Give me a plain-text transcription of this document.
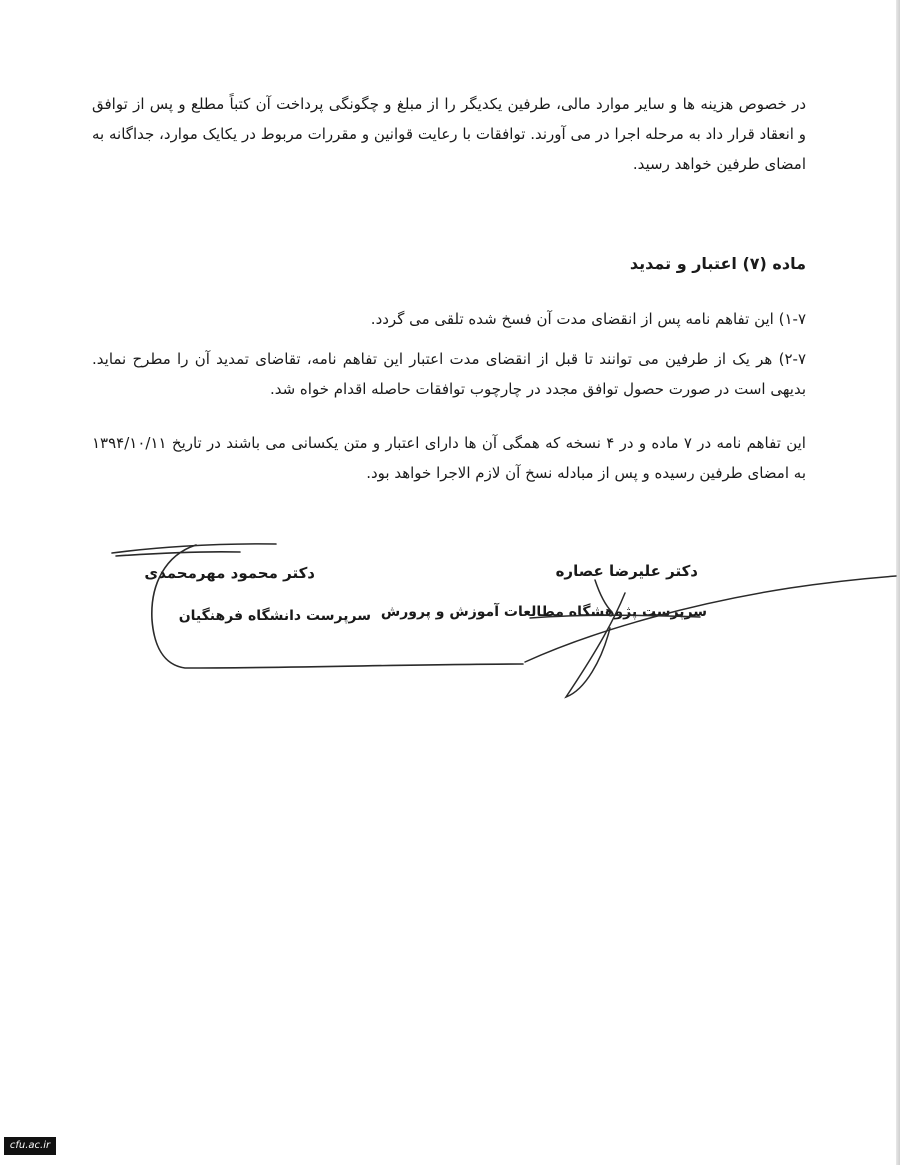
در خصوص هزینه ها و سایر موارد مالی، طرفین یکدیگر را از مبلغ و چگونگی پرداخت آن کتباً مطلع و پس از توافق و انعقاد قرار داد به مرحله اجرا در می آورند. توافقات با رعایت قوانین و مقررات مربوط در یکایک موارد، جداگانه به امضای طرفین خواهد رسید.

ماده (۷) اعتبار و تمدید

۱-۷) این تفاهم نامه پس از انقضای مدت آن فسخ شده تلقی می گردد.

۲-۷) هر یک از طرفین می توانند تا قبل از انقضای مدت اعتبار این تفاهم نامه، تقاضای تمدید آن را مطرح نماید. بدیهی است در صورت حصول توافق مجدد در چارچوب توافقات حاصله اقدام خواه شد.

این تفاهم نامه در ۷ ماده و در ۴ نسخه که همگی آن ها دارای اعتبار و متن یکسانی می باشند در تاریخ ۱۳۹۴/۱۰/۱۱ به امضای طرفین رسیده و پس از مبادله نسخ آن لازم الاجرا خواهد بود.

دکتر علیرضا عصاره
سرپرست پژوهشگاه مطالعات آموزش و پرورش
دکتر محمود مهرمحمدی
سرپرست دانشگاه فرهنگیان
cfu.ac.ir
